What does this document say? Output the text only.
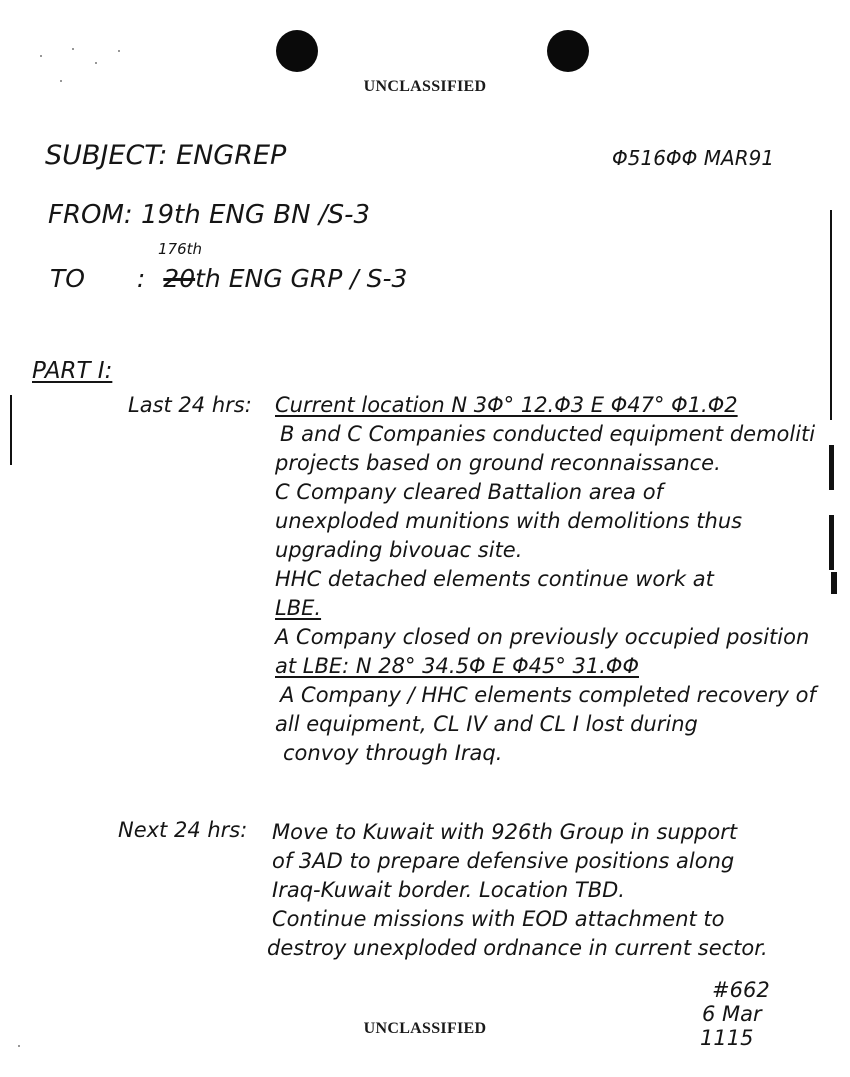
UNCLASSIFIED
SUBJECT: ENGREP	Φ516ΦΦ MAR91
FROM: 19th ENG BN /S-3
176th
TO : 20th ENG GRP / S-3
PART I:
Last 24 hrs: Current location N 3Φ° 12.Φ3 E Φ47° Φ1.Φ2
B and C Companies conducted equipment demoliti
projects based on ground reconnaissance.
C Company cleared Battalion area of
unexploded munitions with demolitions thus
upgrading bivouac site.
HHC detached elements continue work at
LBE.
A Company closed on previously occupied position
at LBE: N 28° 34.5Φ E Φ45° 31.ΦΦ
A Company / HHC elements completed recovery of
all equipment, CL IV and CL I lost during
convoy through Iraq.
Next 24 hrs: Move to Kuwait with 926th Group in support
of 3AD to prepare defensive positions along
Iraq-Kuwait border. Location TBD.
Continue missions with EOD attachment to
destroy unexploded ordnance in current sector.
#662
6 Mar
1115
UNCLASSIFIED
